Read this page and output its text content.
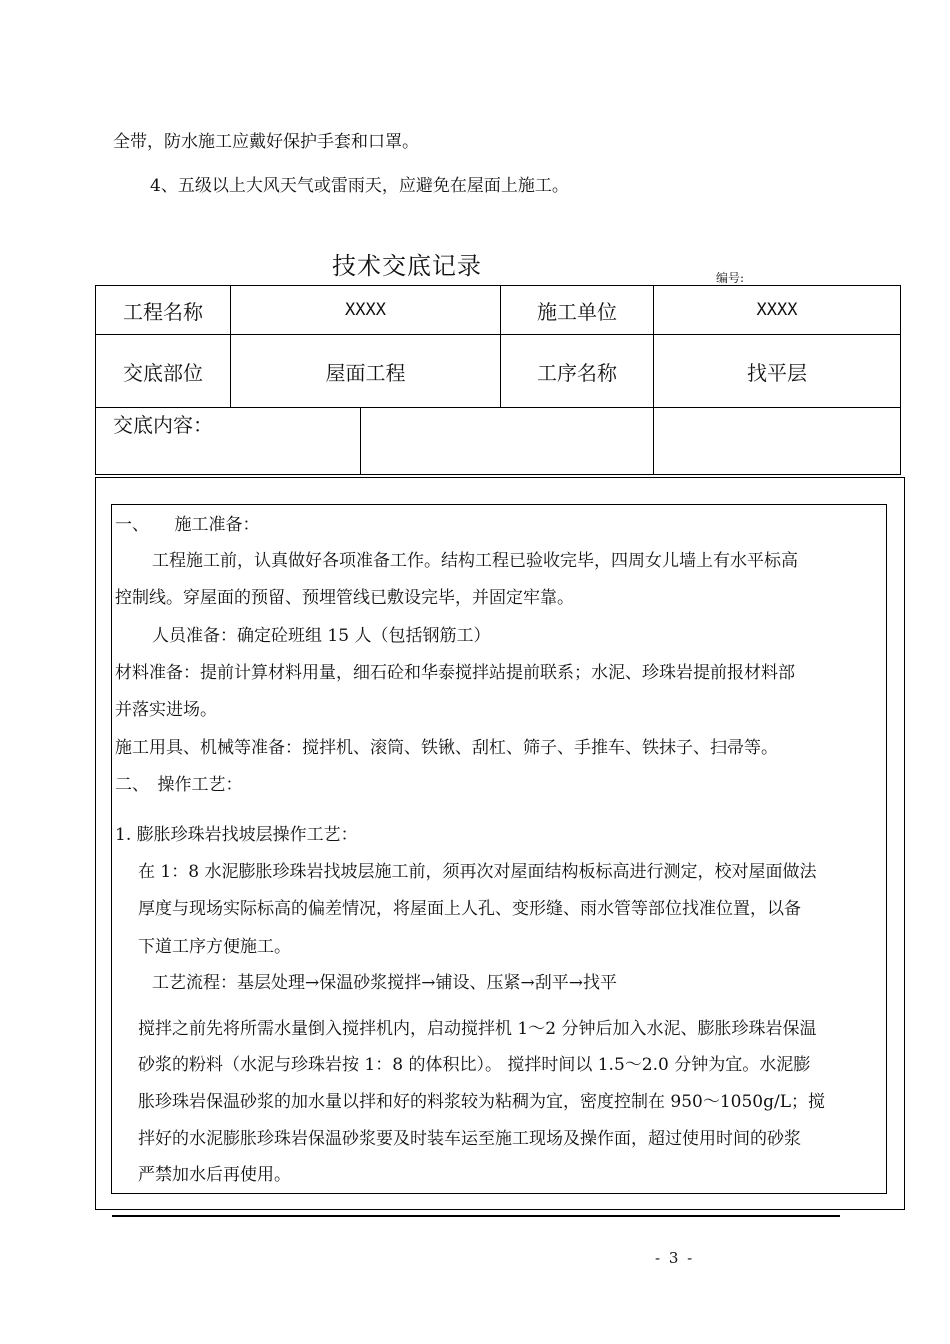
全带，防水施工应戴好保护手套和口罩。
4、五级以上大风天气或雷雨天，应避免在屋面上施工。
技术交底记录	编号:
工程名称	XXXX	施工单位	XXXX
交底部位	屋面工程	工序名称	找平层
交底内容：
一、　　施工准备：
工程施工前，认真做好各项准备工作。结构工程已验收完毕，四周女儿墙上有水平标高
控制线。穿屋面的预留、预埋管线已敷设完毕，并固定牢靠。
人员准备：确定砼班组 15 人（包括钢筋工）
材料准备：提前计算材料用量，细石砼和华泰搅拌站提前联系；水泥、珍珠岩提前报材料部
并落实进场。
施工用具、机械等准备：搅拌机、滚筒、铁锹、刮杠、筛子、手推车、铁抹子、扫帚等。
二、　操作工艺：
1. 膨胀珍珠岩找坡层操作工艺：
在 1：8 水泥膨胀珍珠岩找坡层施工前，须再次对屋面结构板标高进行测定，校对屋面做法
厚度与现场实际标高的偏差情况，将屋面上人孔、变形缝、雨水管等部位找准位置，以备
下道工序方便施工。
工艺流程：基层处理→保温砂浆搅拌→铺设、压紧→刮平→找平
搅拌之前先将所需水量倒入搅拌机内，启动搅拌机 1～2 分钟后加入水泥、膨胀珍珠岩保温
砂浆的粉料（水泥与珍珠岩按 1：8 的体积比）。 搅拌时间以 1.5～2.0 分钟为宜。水泥膨
胀珍珠岩保温砂浆的加水量以拌和好的料浆较为粘稠为宜，密度控制在 950～1050g/L；搅
拌好的水泥膨胀珍珠岩保温砂浆要及时装车运至施工现场及操作面，超过使用时间的砂浆
严禁加水后再使用。
- 3 -
